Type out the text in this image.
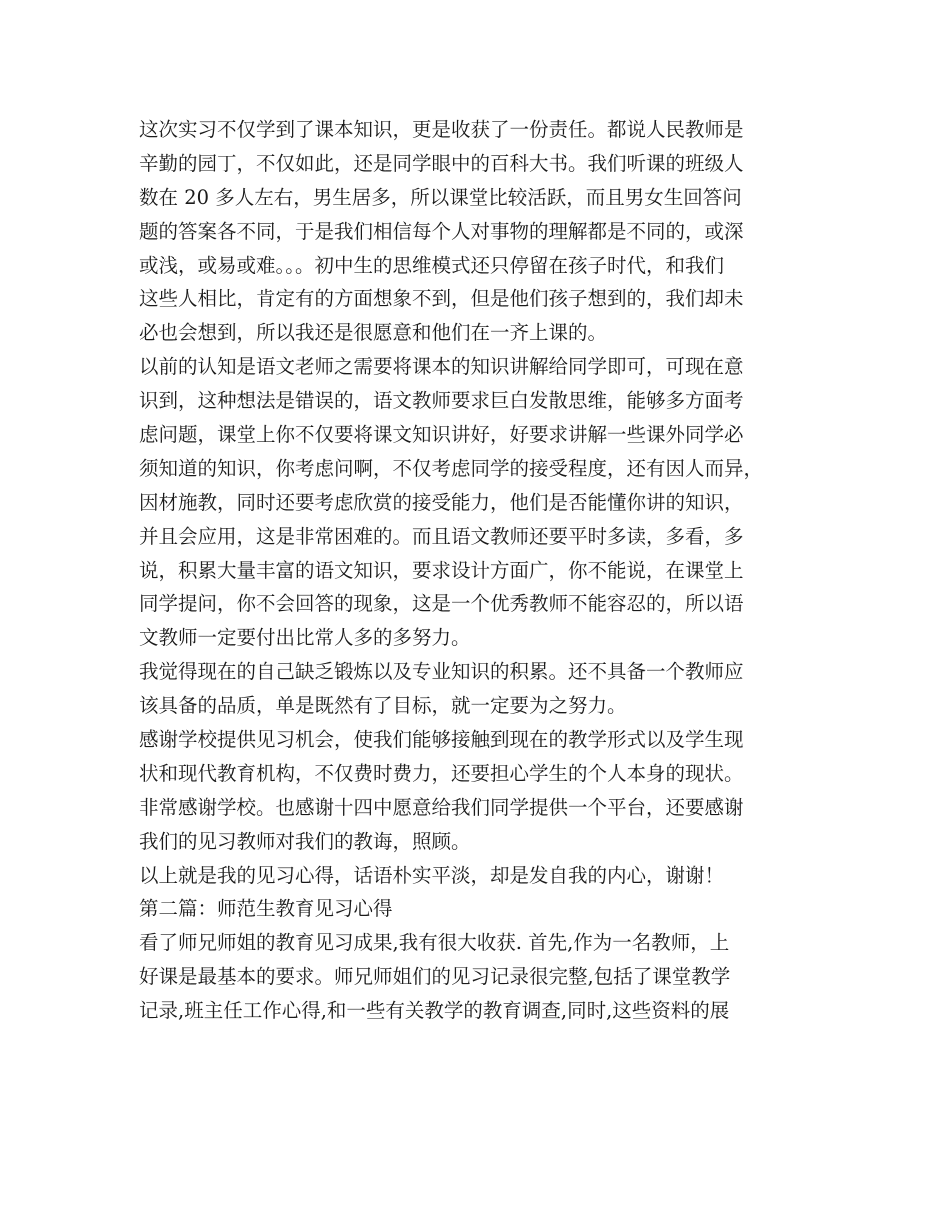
这次实习不仅学到了课本知识，更是收获了一份责任。都说人民教师是
辛勤的园丁，不仅如此，还是同学眼中的百科大书。我们听课的班级人
数在 20 多人左右，男生居多，所以课堂比较活跃，而且男女生回答问
题的答案各不同，于是我们相信每个人对事物的理解都是不同的，或深
或浅，或易或难。。。初中生的思维模式还只停留在孩子时代，和我们
这些人相比，肯定有的方面想象不到，但是他们孩子想到的，我们却未
必也会想到，所以我还是很愿意和他们在一齐上课的。
以前的认知是语文老师之需要将课本的知识讲解给同学即可，可现在意
识到，这种想法是错误的，语文教师要求巨白发散思维，能够多方面考
虑问题，课堂上你不仅要将课文知识讲好，好要求讲解一些课外同学必
须知道的知识，你考虑问啊，不仅考虑同学的接受程度，还有因人而异，
因材施教，同时还要考虑欣赏的接受能力，他们是否能懂你讲的知识，
并且会应用，这是非常困难的。而且语文教师还要平时多读，多看，多
说，积累大量丰富的语文知识，要求设计方面广，你不能说，在课堂上
同学提问，你不会回答的现象，这是一个优秀教师不能容忍的，所以语
文教师一定要付出比常人多的多努力。
我觉得现在的自己缺乏锻炼以及专业知识的积累。还不具备一个教师应
该具备的品质，单是既然有了目标，就一定要为之努力。
感谢学校提供见习机会，使我们能够接触到现在的教学形式以及学生现
状和现代教育机构，不仅费时费力，还要担心学生的个人本身的现状。
非常感谢学校。也感谢十四中愿意给我们同学提供一个平台，还要感谢
我们的见习教师对我们的教诲，照顾。
以上就是我的见习心得，话语朴实平淡，却是发自我的内心，谢谢！
第二篇：师范生教育见习心得
看了师兄师姐的教育见习成果,我有很大收获. 首先,作为一名教师，上
好课是最基本的要求。师兄师姐们的见习记录很完整,包括了课堂教学
记录,班主任工作心得,和一些有关教学的教育调查,同时,这些资料的展
